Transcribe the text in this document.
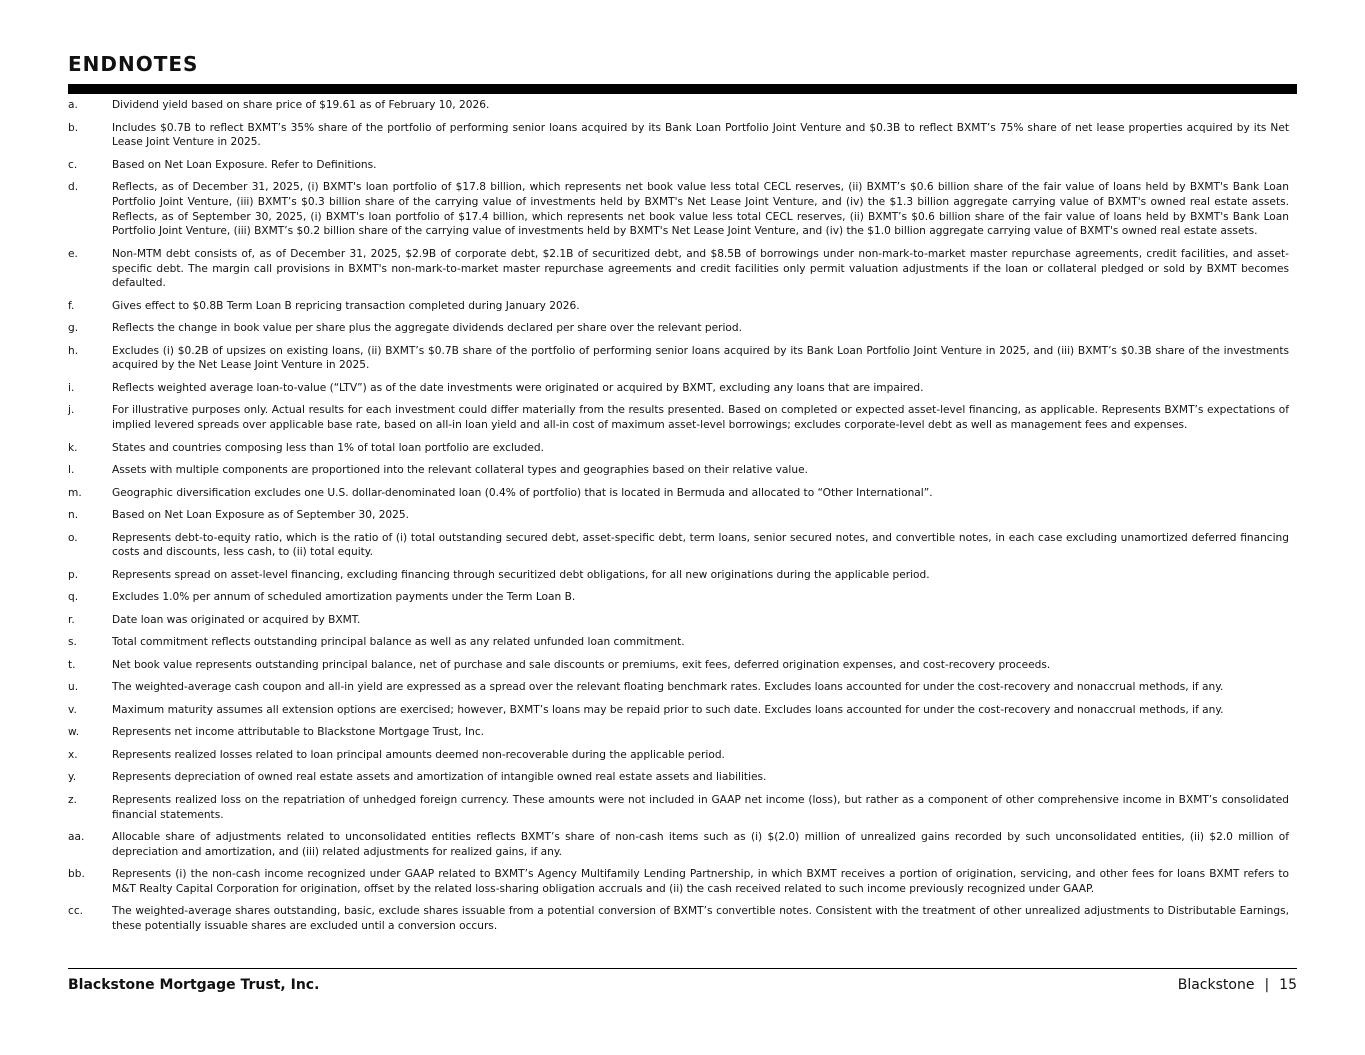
ENDNOTES
a.	Dividend yield based on share price of $19.61 as of February 10, 2026.
b.	Includes $0.7B to reflect BXMT’s 35% share of the portfolio of performing senior loans acquired by its Bank Loan Portfolio Joint Venture and $0.3B to reflect BXMT’s 75% share of net lease properties acquired by its Net Lease Joint Venture in 2025.
c.	Based on Net Loan Exposure. Refer to Definitions.
d.	Reflects, as of December 31, 2025, (i) BXMT's loan portfolio of $17.8 billion, which represents net book value less total CECL reserves, (ii) BXMT’s $0.6 billion share of the fair value of loans held by BXMT's Bank Loan Portfolio Joint Venture, (iii) BXMT’s $0.3 billion share of the carrying value of investments held by BXMT's Net Lease Joint Venture, and (iv) the $1.3 billion aggregate carrying value of BXMT's owned real estate assets. Reflects, as of September 30, 2025, (i) BXMT's loan portfolio of $17.4 billion, which represents net book value less total CECL reserves, (ii) BXMT’s $0.6 billion share of the fair value of loans held by BXMT's Bank Loan Portfolio Joint Venture, (iii) BXMT’s $0.2 billion share of the carrying value of investments held by BXMT's Net Lease Joint Venture, and (iv) the $1.0 billion aggregate carrying value of BXMT's owned real estate assets.
e.	Non-MTM debt consists of, as of December 31, 2025, $2.9B of corporate debt, $2.1B of securitized debt, and $8.5B of borrowings under non-mark-to-market master repurchase agreements, credit facilities, and asset-specific debt. The margin call provisions in BXMT's non-mark-to-market master repurchase agreements and credit facilities only permit valuation adjustments if the loan or collateral pledged or sold by BXMT becomes defaulted.
f.	Gives effect to $0.8B Term Loan B repricing transaction completed during January 2026.
g.	Reflects the change in book value per share plus the aggregate dividends declared per share over the relevant period.
h.	Excludes (i) $0.2B of upsizes on existing loans, (ii) BXMT’s $0.7B share of the portfolio of performing senior loans acquired by its Bank Loan Portfolio Joint Venture in 2025, and (iii) BXMT’s $0.3B share of the investments acquired by the Net Lease Joint Venture in 2025.
i.	Reflects weighted average loan-to-value (“LTV”) as of the date investments were originated or acquired by BXMT, excluding any loans that are impaired.
j.	For illustrative purposes only. Actual results for each investment could differ materially from the results presented. Based on completed or expected asset-level financing, as applicable. Represents BXMT’s expectations of implied levered spreads over applicable base rate, based on all-in loan yield and all-in cost of maximum asset-level borrowings; excludes corporate-level debt as well as management fees and expenses.
k.	States and countries composing less than 1% of total loan portfolio are excluded.
l.	Assets with multiple components are proportioned into the relevant collateral types and geographies based on their relative value.
m.	Geographic diversification excludes one U.S. dollar-denominated loan (0.4% of portfolio) that is located in Bermuda and allocated to “Other International”.
n.	Based on Net Loan Exposure as of September 30, 2025.
o.	Represents debt-to-equity ratio, which is the ratio of (i) total outstanding secured debt, asset-specific debt, term loans, senior secured notes, and convertible notes, in each case excluding unamortized deferred financing costs and discounts, less cash, to (ii) total equity.
p.	Represents spread on asset-level financing, excluding financing through securitized debt obligations, for all new originations during the applicable period.
q.	Excludes 1.0% per annum of scheduled amortization payments under the Term Loan B.
r.	Date loan was originated or acquired by BXMT.
s.	Total commitment reflects outstanding principal balance as well as any related unfunded loan commitment.
t.	Net book value represents outstanding principal balance, net of purchase and sale discounts or premiums, exit fees, deferred origination expenses, and cost-recovery proceeds.
u.	The weighted-average cash coupon and all-in yield are expressed as a spread over the relevant floating benchmark rates. Excludes loans accounted for under the cost-recovery and nonaccrual methods, if any.
v.	Maximum maturity assumes all extension options are exercised; however, BXMT’s loans may be repaid prior to such date. Excludes loans accounted for under the cost-recovery and nonaccrual methods, if any.
w.	Represents net income attributable to Blackstone Mortgage Trust, Inc.
x.	Represents realized losses related to loan principal amounts deemed non-recoverable during the applicable period.
y.	Represents depreciation of owned real estate assets and amortization of intangible owned real estate assets and liabilities.
z.	Represents realized loss on the repatriation of unhedged foreign currency. These amounts were not included in GAAP net income (loss), but rather as a component of other comprehensive income in BXMT’s consolidated financial statements.
aa.	Allocable share of adjustments related to unconsolidated entities reflects BXMT’s share of non-cash items such as (i) $(2.0) million of unrealized gains recorded by such unconsolidated entities, (ii) $2.0 million of depreciation and amortization, and (iii) related adjustments for realized gains, if any.
bb.	Represents (i) the non-cash income recognized under GAAP related to BXMT’s Agency Multifamily Lending Partnership, in which BXMT receives a portion of origination, servicing, and other fees for loans BXMT refers to M&T Realty Capital Corporation for origination, offset by the related loss-sharing obligation accruals and (ii) the cash received related to such income previously recognized under GAAP.
cc.	The weighted-average shares outstanding, basic, exclude shares issuable from a potential conversion of BXMT’s convertible notes. Consistent with the treatment of other unrealized adjustments to Distributable Earnings, these potentially issuable shares are excluded until a conversion occurs.
Blackstone Mortgage Trust, Inc.	Blackstone | 15
